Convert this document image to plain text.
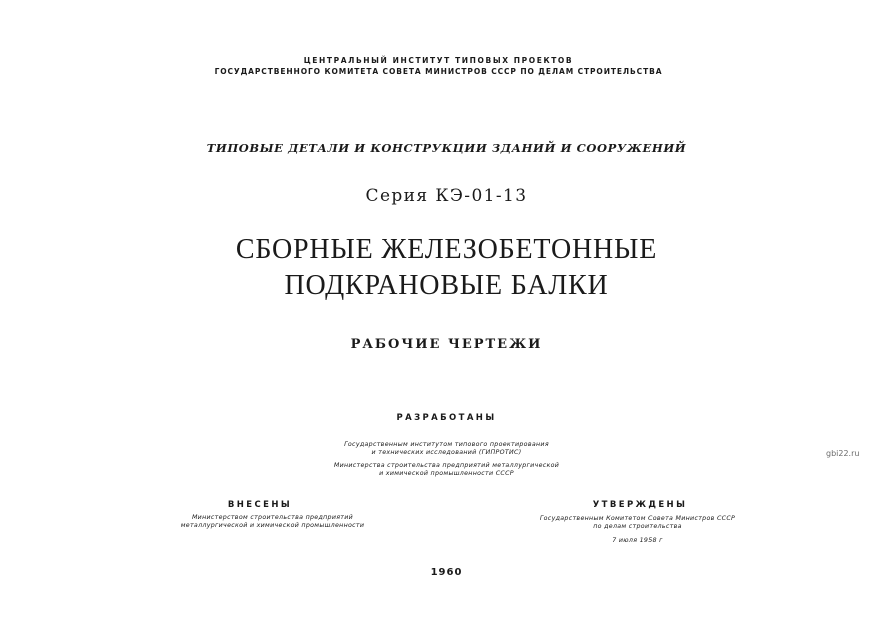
ЦЕНТРАЛЬНЫЙ ИНСТИТУТ ТИПОВЫХ ПРОЕКТОВ
ГОСУДАРСТВЕННОГО КОМИТЕТА СОВЕТА МИНИСТРОВ СССР ПО ДЕЛАМ СТРОИТЕЛЬСТВА
ТИПОВЫЕ ДЕТАЛИ И КОНСТРУКЦИИ ЗДАНИЙ И СООРУЖЕНИЙ
Серия КЭ-01-13
СБОРНЫЕ ЖЕЛЕЗОБЕТОННЫЕ
ПОДКРАНОВЫЕ БАЛКИ
РАБОЧИЕ ЧЕРТЕЖИ
РАЗРАБОТАНЫ
Государственным институтом типового проектирования
и технических исследований (ГИПРОТИС)
Министерства строительства предприятий металлургической
и химической промышленности СССР
ВНЕСЕНЫ
Министерством строительства предприятий
металлургической и химической промышленности
УТВЕРЖДЕНЫ
Государственным Комитетом Совета Министров СССР
по делам строительства
7 июля 1958 г
1960
gbi22.ru
